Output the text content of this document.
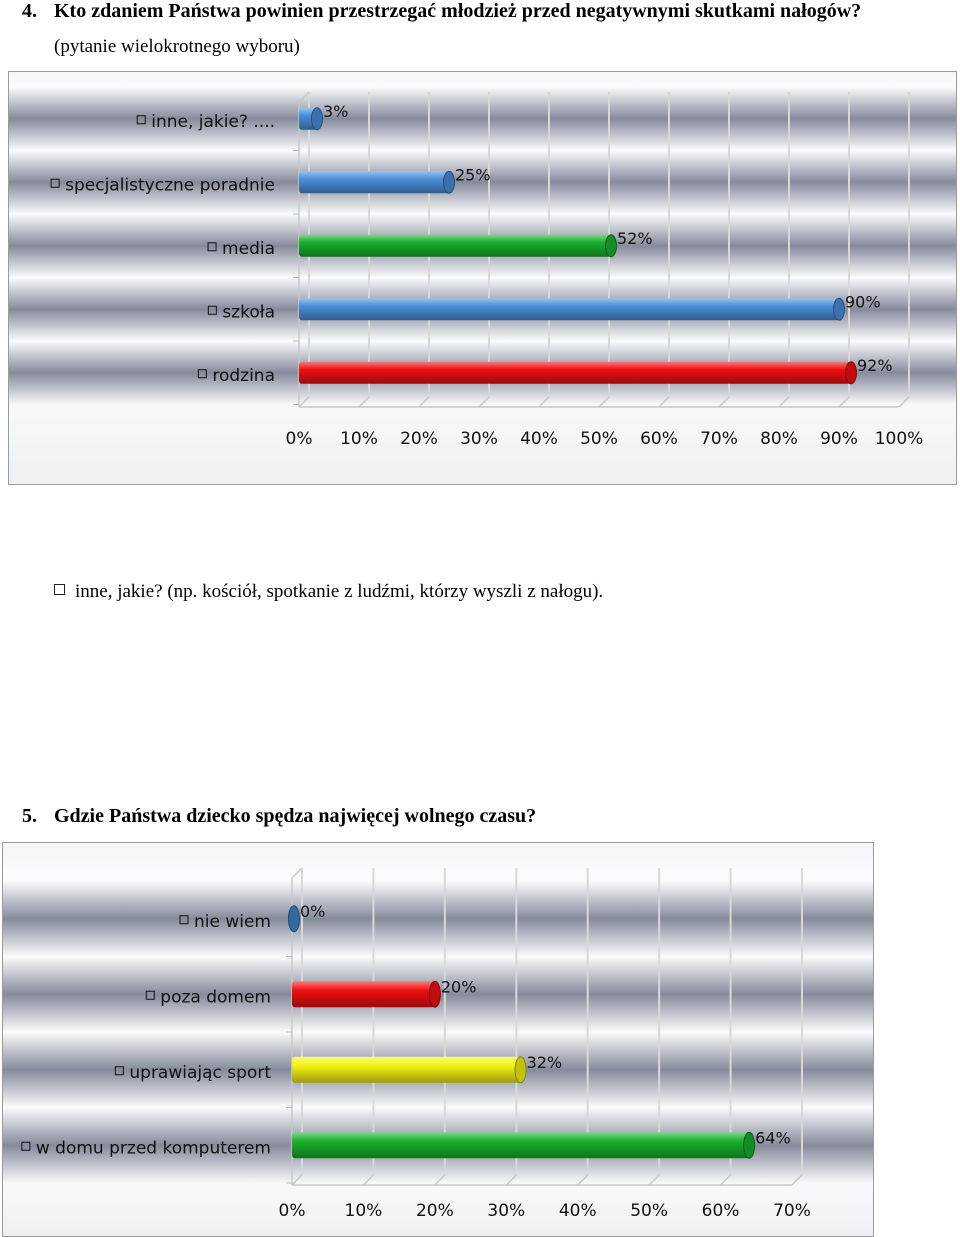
4. Kto zdaniem Państwa powinien przestrzegać młodzież przed negatywnymi skutkami nałogów?
(pytanie wielokrotnego wyboru)
0% 10% 20% 30% 40% 50% 60% 70% 80% 90% 100%
3%
inne, jakie? ....
25%
specjalistyczne poradnie
52%
media
90%
szkoła
92%
rodzina
inne, jakie? (np. kościół, spotkanie z ludźmi, którzy wyszli z nałogu).
5. Gdzie Państwa dziecko spędza najwięcej wolnego czasu?
0% 10% 20% 30% 40% 50% 60% 70%
0%
nie wiem
20%
poza domem
32%
uprawiając sport
64%
w domu przed komputerem
